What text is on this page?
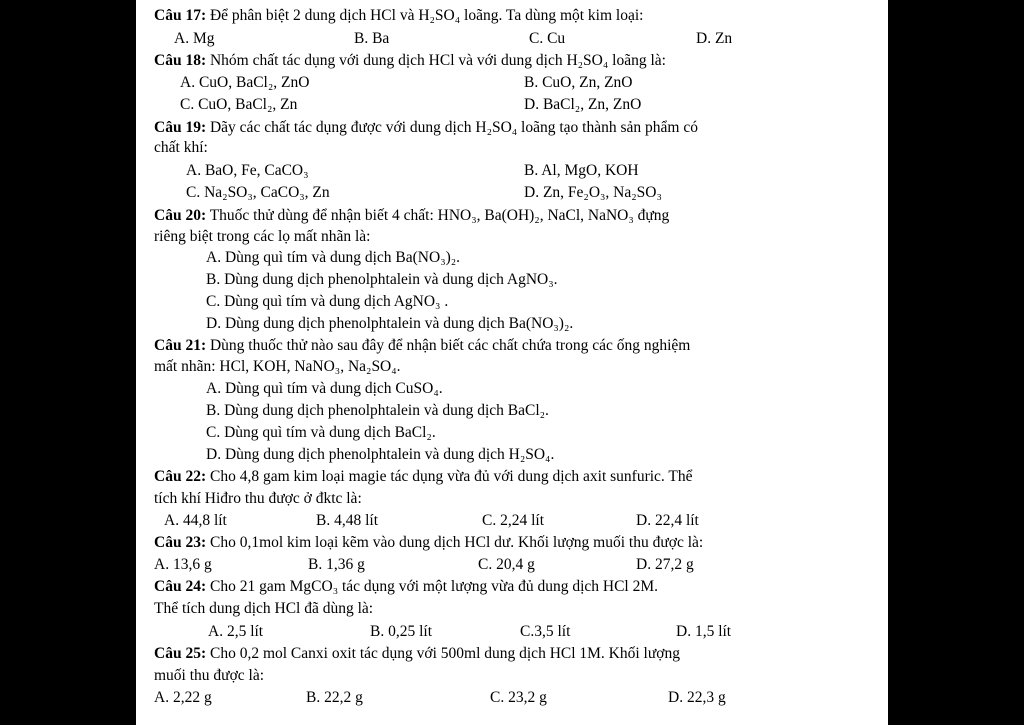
Câu 17: Để phân biệt 2 dung dịch HCl và H₂SO₄ loãng. Ta dùng một kim loại:
A. Mg	B. Ba	C. Cu	D. Zn
Câu 18: Nhóm chất tác dụng với dung dịch HCl và với dung dịch H₂SO₄ loãng là:
A. CuO, BaCl₂, ZnO	B. CuO, Zn, ZnO
C. CuO, BaCl₂, Zn	D. BaCl₂, Zn, ZnO
Câu 19: Dãy các chất tác dụng được với dung dịch H₂SO₄ loãng tạo thành sản phẩm có
chất khí:
A. BaO, Fe, CaCO₃	B. Al, MgO, KOH
C. Na₂SO₃, CaCO₃, Zn	D. Zn, Fe₂O₃, Na₂SO₃
Câu 20: Thuốc thử dùng để nhận biết 4 chất: HNO₃, Ba(OH)₂, NaCl, NaNO₃ đựng
riêng biệt trong các lọ mất nhãn là:
A. Dùng quì tím và dung dịch Ba(NO₃)₂.
B. Dùng dung dịch phenolphtalein và dung dịch AgNO₃.
C. Dùng quì tím và dung dịch AgNO₃ .
D. Dùng dung dịch phenolphtalein và dung dịch Ba(NO₃)₂.
Câu 21: Dùng thuốc thử nào sau đây để nhận biết các chất chứa trong các ống nghiệm
mất nhãn: HCl, KOH, NaNO₃, Na₂SO₄.
A. Dùng quì tím và dung dịch CuSO₄.
B. Dùng dung dịch phenolphtalein và dung dịch BaCl₂.
C. Dùng quì tím và dung dịch BaCl₂.
D. Dùng dung dịch phenolphtalein và dung dịch H₂SO₄.
Câu 22: Cho 4,8 gam kim loại magie tác dụng vừa đủ với dung dịch axit sunfuric. Thể
tích khí Hiđro thu được ở đktc là:
A. 44,8 lít	B. 4,48 lít	C. 2,24 lít	D. 22,4 lít
Câu 23: Cho 0,1mol kim loại kẽm vào dung dịch HCl dư. Khối lượng muối thu được là:
A. 13,6 g	B. 1,36 g	C. 20,4 g	D. 27,2 g
Câu 24: Cho 21 gam MgCO₃ tác dụng với một lượng vừa đủ dung dịch HCl 2M.
Thể tích dung dịch HCl đã dùng là:
A. 2,5 lít	B. 0,25 lít	C.3,5 lít	D. 1,5 lít
Câu 25: Cho 0,2 mol Canxi oxit tác dụng với 500ml dung dịch HCl 1M. Khối lượng
muối thu được là:
A. 2,22 g	B. 22,2 g	C. 23,2 g	D. 22,3 g
